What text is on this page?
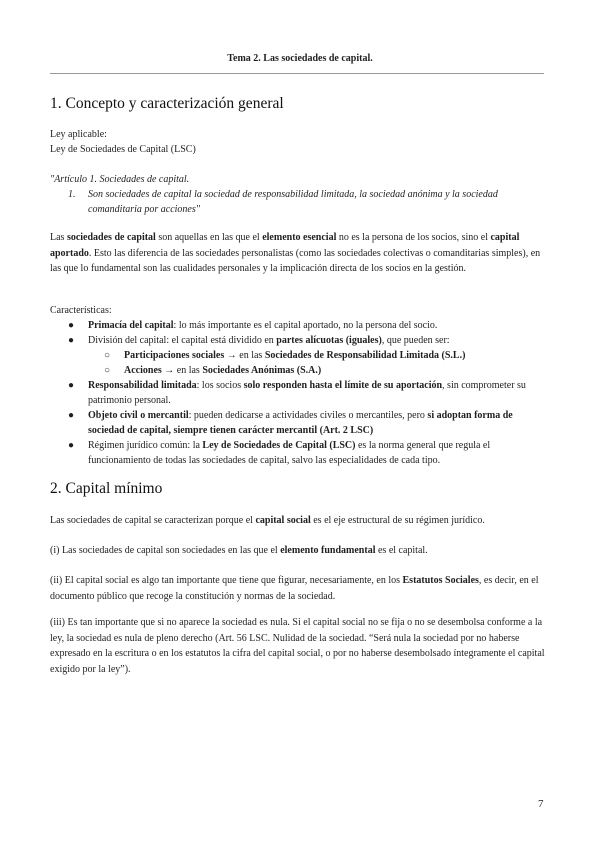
Tema 2. Las sociedades de capital.
1. Concepto y caracterización general
Ley aplicable:
Ley de Sociedades de Capital (LSC)
"Artículo 1. Sociedades de capital.
1.	Son sociedades de capital la sociedad de responsabilidad limitada, la sociedad anónima y la sociedad
comanditaria por acciones"
Las sociedades de capital son aquellas en las que el elemento esencial no es la persona de los socios, sino el capital aportado. Esto las diferencia de las sociedades personalistas (como las sociedades colectivas o comanditarias simples), en las que lo fundamental son las cualidades personales y la implicación directa de los socios en la gestión.
Características:
● Primacía del capital: lo más importante es el capital aportado, no la persona del socio.
● División del capital: el capital está dividido en partes alícuotas (iguales), que pueden ser:
○ Participaciones sociales → en las Sociedades de Responsabilidad Limitada (S.L.)
○ Acciones → en las Sociedades Anónimas (S.A.)
● Responsabilidad limitada: los socios solo responden hasta el límite de su aportación, sin comprometer su patrimonio personal.
● Objeto civil o mercantil: pueden dedicarse a actividades civiles o mercantiles, pero si adoptan forma de sociedad de capital, siempre tienen carácter mercantil (Art. 2 LSC)
● Régimen jurídico común: la Ley de Sociedades de Capital (LSC) es la norma general que regula el funcionamiento de todas las sociedades de capital, salvo las especialidades de cada tipo.
2. Capital mínimo
Las sociedades de capital se caracterizan porque el capital social es el eje estructural de su régimen jurídico.
(i) Las sociedades de capital son sociedades en las que el elemento fundamental es el capital.
(ii) El capital social es algo tan importante que tiene que figurar, necesariamente, en los Estatutos Sociales, es decir, en el documento público que recoge la constitución y normas de la sociedad.
(iii) Es tan importante que si no aparece la sociedad es nula. Si el capital social no se fija o no se desembolsa conforme a la ley, la sociedad es nula de pleno derecho (Art. 56 LSC. Nulidad de la sociedad. “Será nula la sociedad por no haberse expresado en la escritura o en los estatutos la cifra del capital social, o por no haberse desembolsado íntegramente el capital exigido por la ley”).
7
